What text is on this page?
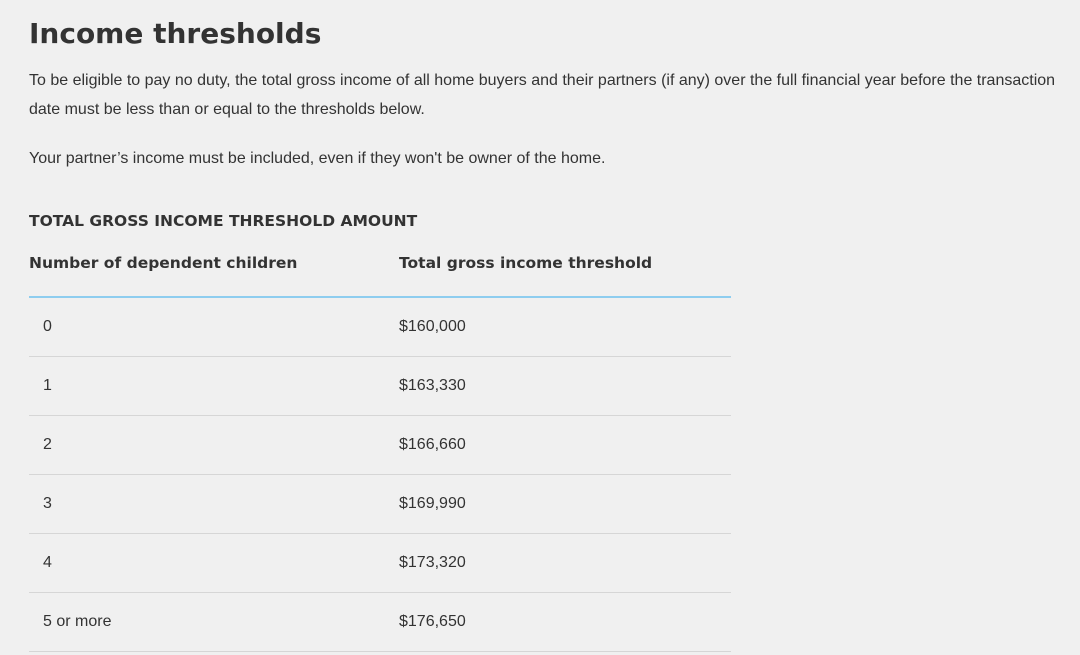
Income thresholds

To be eligible to pay no duty, the total gross income of all home buyers and their partners (if any) over the full financial year before the transaction date must be less than or equal to the thresholds below.

Your partner’s income must be included, even if they won't be owner of the home.

TOTAL GROSS INCOME THRESHOLD AMOUNT
Number of dependent children	Total gross income threshold
0	$160,000
1	$163,330
2	$166,660
3	$169,990
4	$173,320
5 or more	$176,650
